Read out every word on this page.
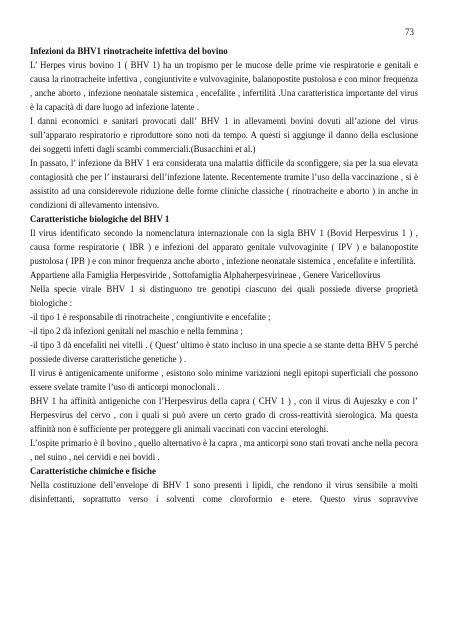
73
Infezioni da BHV1 rinotracheite infettiva del bovino

L’ Herpes virus bovino 1 ( BHV 1) ha un tropismo per le mucose delle prime vie respiratorie e genitali e causa la rinotracheite infettiva , congiuntivite e vulvovaginite, balanopostite pustolosa e con minor frequenza , anche aborto , infezione neonatale sistemica , encefalite , infertilità .Una caratteristica importante del virus è la capacità di dare luogo ad infezione latente .

I danni economici e sanitari provocati dall’ BHV 1 in allevamenti bovini dovuti all’azione del virus sull’apparato respiratorio e riproduttore sono noti da tempo. A questi si aggiunge il danno della esclusione dei soggetti infetti dagli scambi commerciali.(Busacchini et al.)

In passato, l’ infezione da BHV 1 era considerata una malattia difficile da sconfiggere, sia per la sua elevata contagiosità che per l’ instaurarsi dell’infezione latente. Recentemente tramite l’uso della vaccinazione , si è assistito ad una considerevole riduzione delle forme cliniche classiche ( rinotracheite e aborto ) in anche in condizioni di allevamento intensivo.

Caratteristiche biologiche del BHV 1

Il virus identificato secondo la nomenclatura internazionale con la sigla BHV 1 (Bovid Herpesvirus 1 ) , causa forme respiratorie ( IBR ) e infezioni del apparato genitale vulvovaginite ( IPV ) e balanopostite pustolosa ( IPB ) e con minor frequenza anche aborto , infezione neonatale sistemica , encefalite e infertilità.

Appartiene alla Famiglia Herpesviride , Sottofamiglia Alphaherpesvirineae , Genere Varicellovirus

Nella specie virale BHV 1 si distinguono tre genotipi ciascuno dei quali possiede diverse proprietà biologiche :

-il tipo 1 è responsabile di rinotracheite , congiuntivite e encefalite ;

-il tipo 2 dà infezioni genitali nel maschio e nella femmina ;

-il tipo 3 dà encefaliti nei vitelli . ( Quest’ ultimo è stato incluso in una specie a se stante detta BHV 5 perché possiede diverse caratteristiche genetiche ) .

Il virus è antigenicamente uniforme , esistono solo minime variazioni negli epitopi superficiali che possono essere svelate tramite l’uso di anticorpi monoclonali .

BHV 1 ha affinità antigeniche con l’Herpesvirus della capra ( CHV 1 ) , con il virus di Aujeszky e con l’ Herpesvirus del cervo , con i quali si può avere un certo grado di cross-reattività sierologica. Ma questa affinità non è sufficiente per proteggere gli animali vaccinati con vaccini eterologhi.

L’ospite primario è il bovino , quello alternativo è la capra , ma anticorpi sono stati trovati anche nella pecora , nel suino , nei cervidi e nei bovidi .

Caratteristiche chimiche e fisiche

Nella costituzione dell’envelope di BHV 1 sono presenti i lipidi, che rendono il virus sensibile a molti disinfettanti, soprattutto verso i solventi come cloroformio e etere. Questo virus sopravvive
